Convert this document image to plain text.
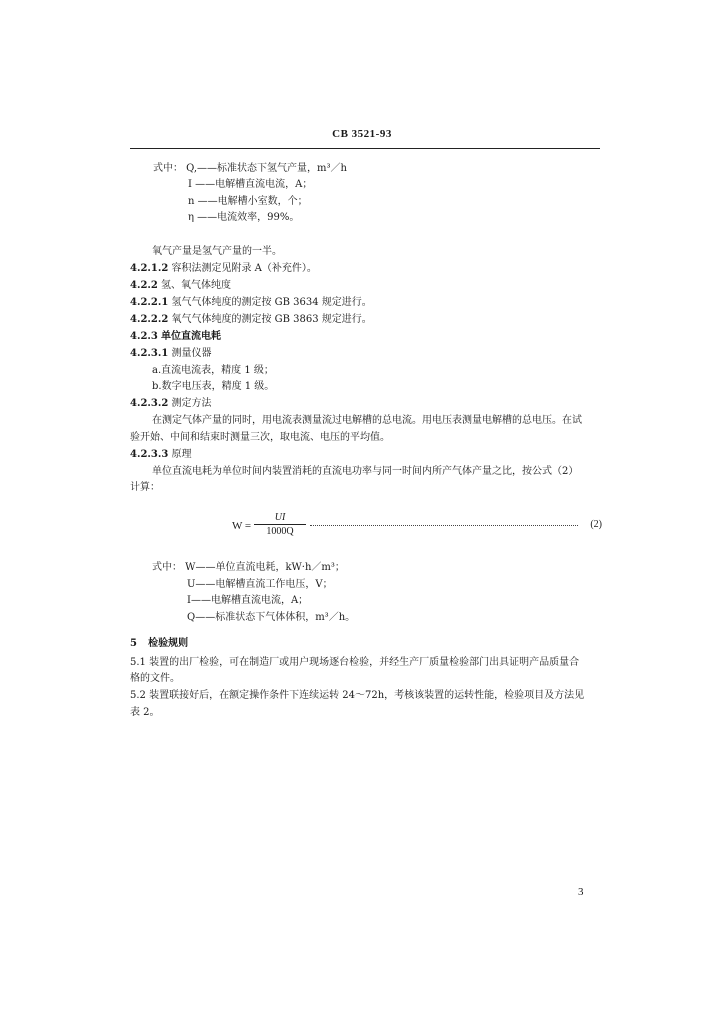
CB 3521-93
式中： Q,——标准状态下氢气产量，m³／h
I ——电解槽直流电流，A；
n ——电解槽小室数，个；
η ——电流效率，99%。
氧气产量是氢气产量的一半。
4.2.1.2 容积法测定见附录 A（补充件）。
4.2.2 氢、氧气体纯度
4.2.2.1 氢气气体纯度的测定按 GB 3634 规定进行。
4.2.2.2 氧气气体纯度的测定按 GB 3863 规定进行。
4.2.3 单位直流电耗
4.2.3.1 测量仪器
a.直流电流表，精度 1 级；
b.数字电压表，精度 1 级。
4.2.3.2 测定方法
在测定气体产量的同时，用电流表测量流过电解槽的总电流。用电压表测量电解槽的总电压。在试
验开始、中间和结束时测量三次，取电流、电压的平均值。
4.2.3.3 原理
单位直流电耗为单位时间内装置消耗的直流电功率与同一时间内所产气体产量之比，按公式（2）
计算：
$W = \frac{UI}{1000Q}$	(2)
式中： W——单位直流电耗，kW·h／m³；
U——电解槽直流工作电压，V；
I——电解槽直流电流，A；
Q——标准状态下气体体积，m³／h。
5 检验规则
5.1 装置的出厂检验，可在制造厂或用户现场逐台检验，并经生产厂质量检验部门出具证明产品质量合
格的文件。
5.2 装置联接好后，在额定操作条件下连续运转 24～72h，考核该装置的运转性能，检验项目及方法见
表 2。
3
